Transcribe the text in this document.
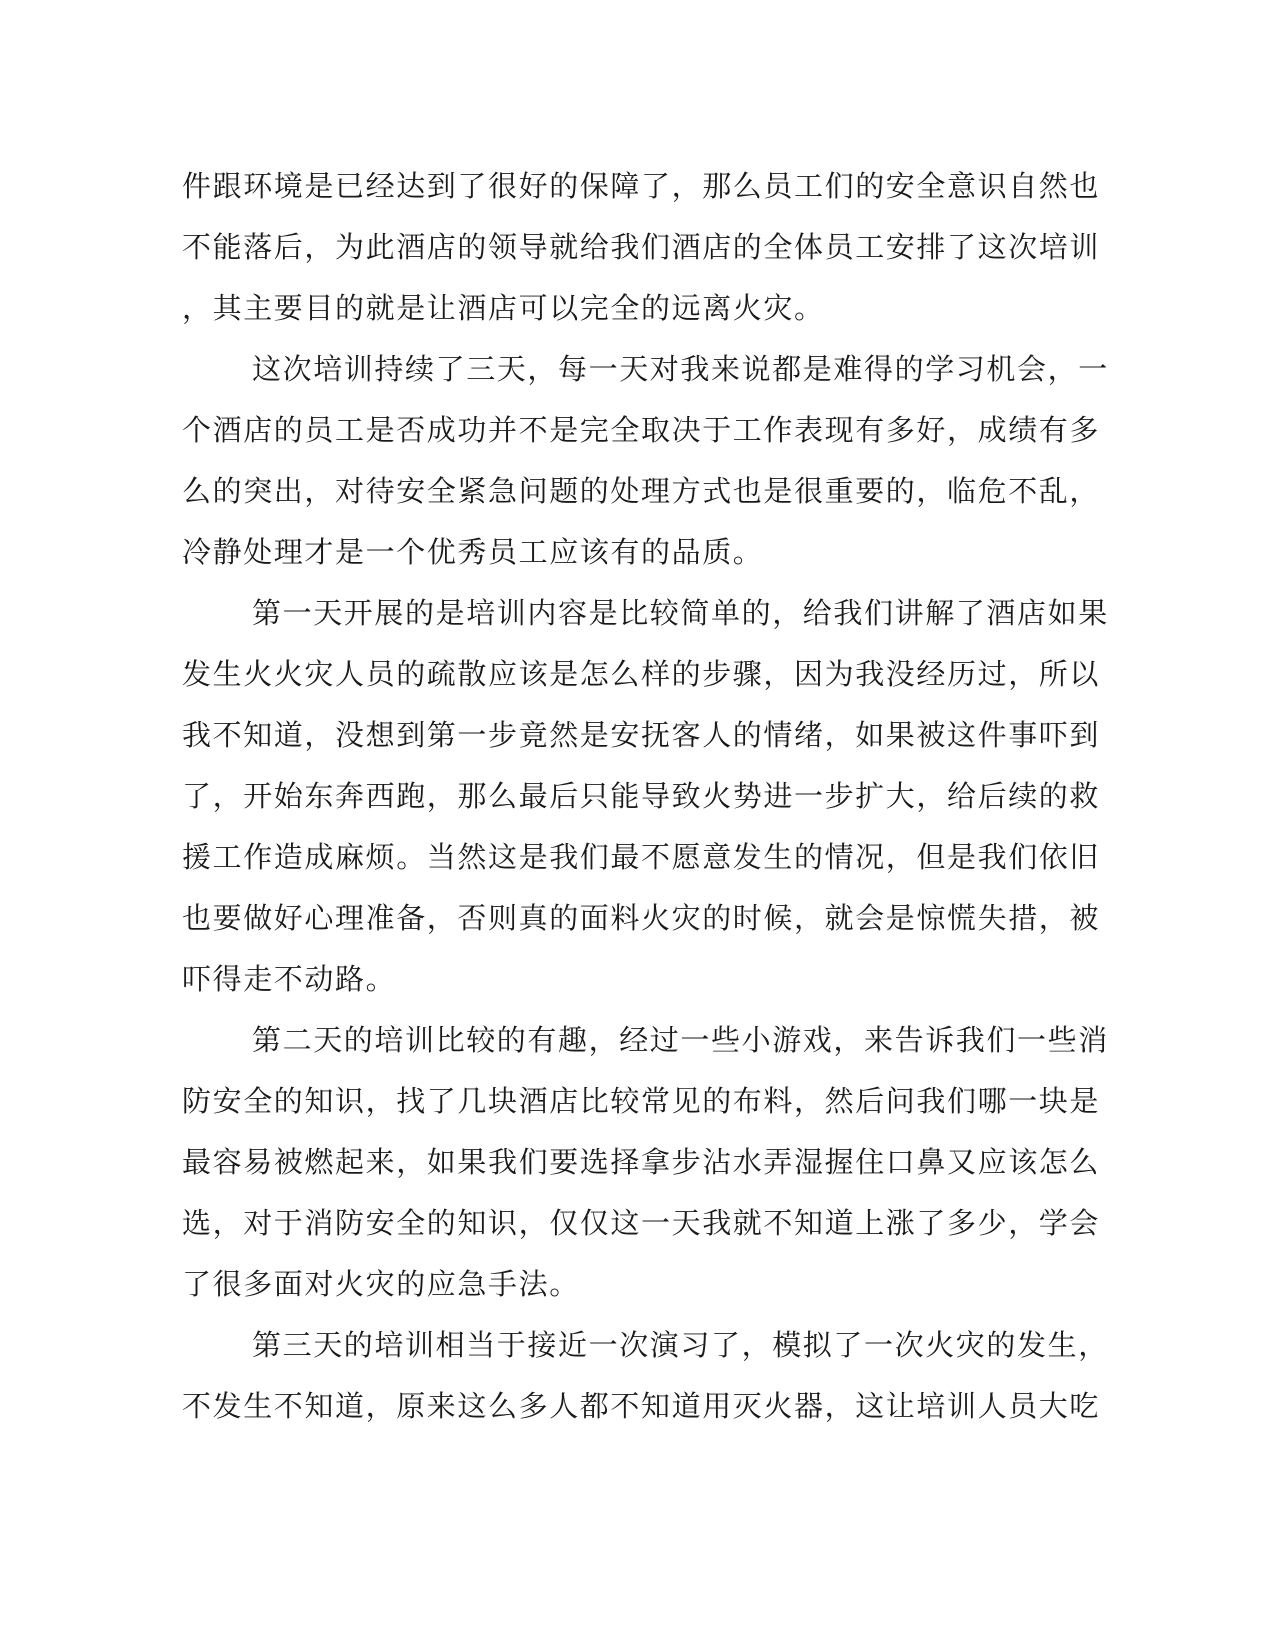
件跟环境是已经达到了很好的保障了，那么员工们的安全意识自然也
不能落后，为此酒店的领导就给我们酒店的全体员工安排了这次培训
，其主要目的就是让酒店可以完全的远离火灾。
这次培训持续了三天，每一天对我来说都是难得的学习机会，一
个酒店的员工是否成功并不是完全取决于工作表现有多好，成绩有多
么的突出，对待安全紧急问题的处理方式也是很重要的，临危不乱，
冷静处理才是一个优秀员工应该有的品质。
第一天开展的是培训内容是比较简单的，给我们讲解了酒店如果
发生火火灾人员的疏散应该是怎么样的步骤，因为我没经历过，所以
我不知道，没想到第一步竟然是安抚客人的情绪，如果被这件事吓到
了，开始东奔西跑，那么最后只能导致火势进一步扩大，给后续的救
援工作造成麻烦。当然这是我们最不愿意发生的情况，但是我们依旧
也要做好心理准备，否则真的面料火灾的时候，就会是惊慌失措，被
吓得走不动路。
第二天的培训比较的有趣，经过一些小游戏，来告诉我们一些消
防安全的知识，找了几块酒店比较常见的布料，然后问我们哪一块是
最容易被燃起来，如果我们要选择拿步沾水弄湿握住口鼻又应该怎么
选，对于消防安全的知识，仅仅这一天我就不知道上涨了多少，学会
了很多面对火灾的应急手法。
第三天的培训相当于接近一次演习了，模拟了一次火灾的发生，
不发生不知道，原来这么多人都不知道用灭火器，这让培训人员大吃
